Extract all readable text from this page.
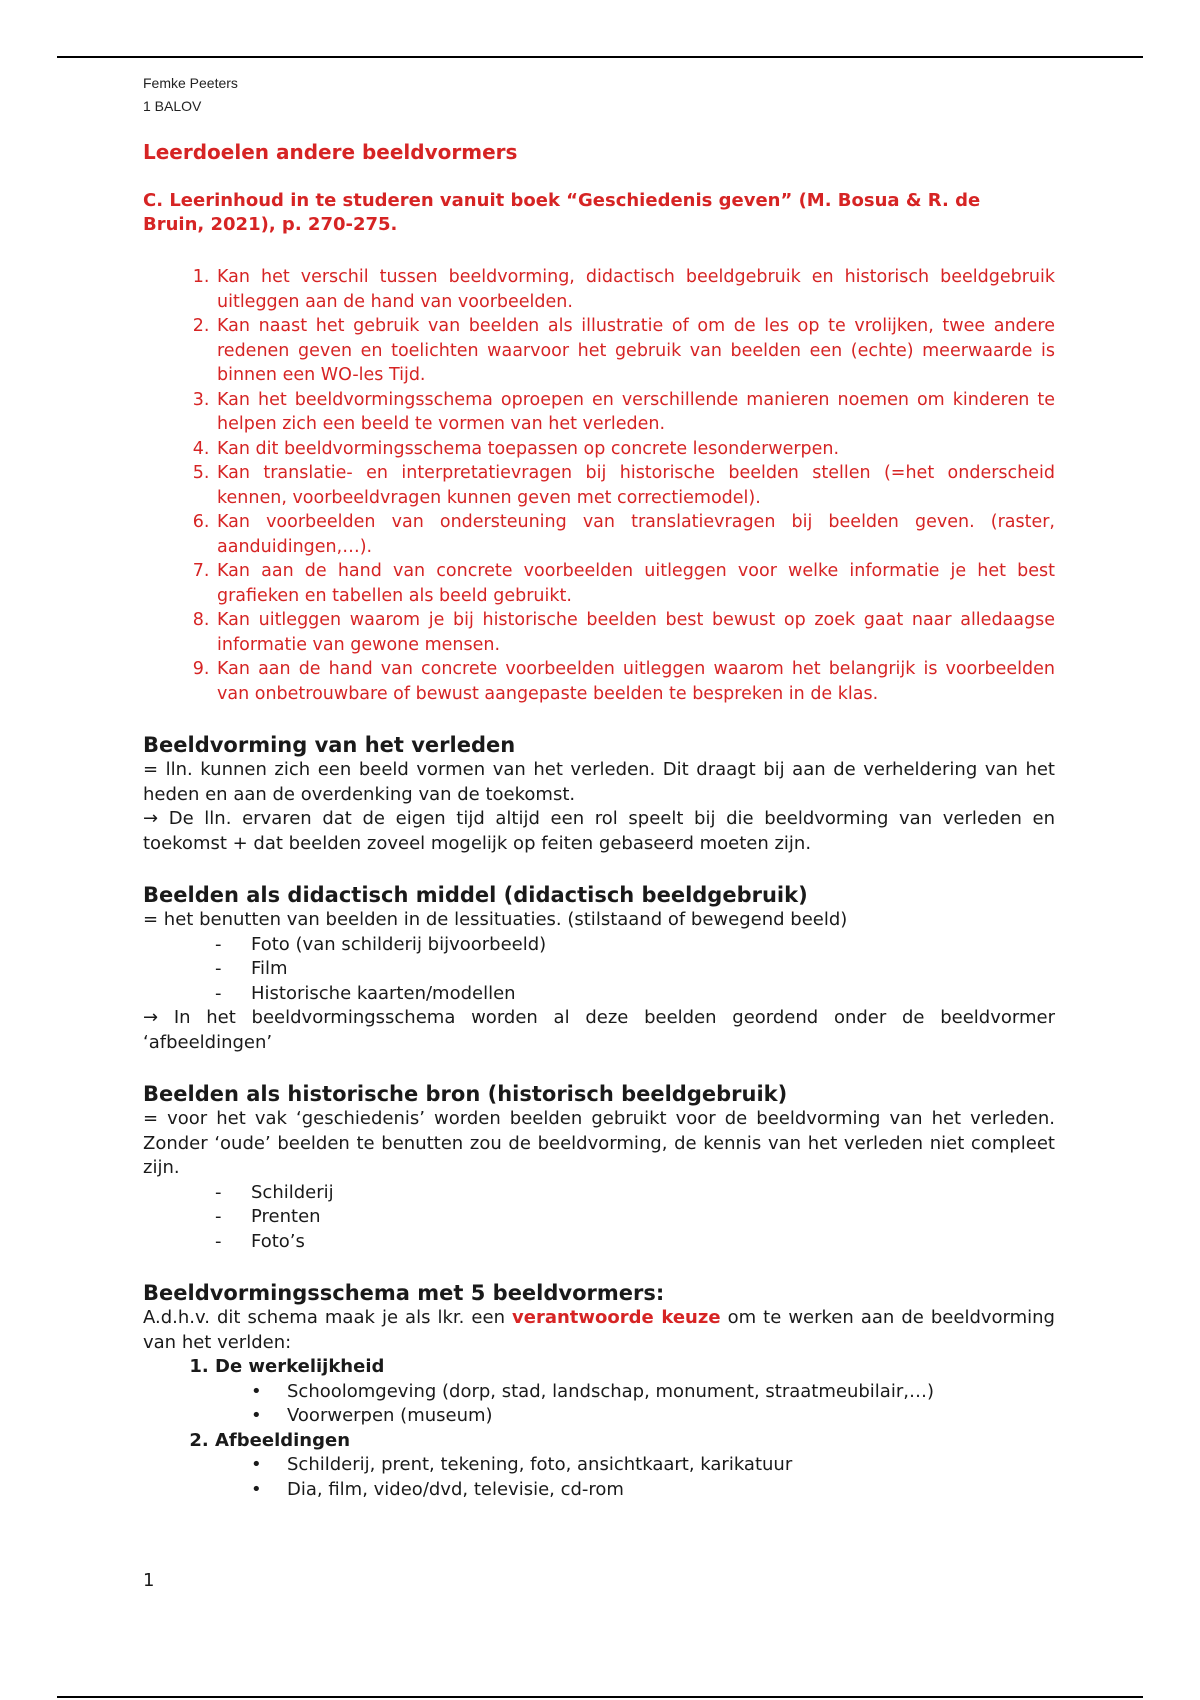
Femke Peeters
1 BALOV
Leerdoelen andere beeldvormers
C. Leerinhoud in te studeren vanuit boek “Geschiedenis geven” (M. Bosua & R. de
Bruin, 2021), p. 270-275.
1. Kan het verschil tussen beeldvorming, didactisch beeldgebruik en historisch beeldgebruik uitleggen aan de hand van voorbeelden.
2. Kan naast het gebruik van beelden als illustratie of om de les op te vrolijken, twee andere redenen geven en toelichten waarvoor het gebruik van beelden een (echte) meerwaarde is binnen een WO-les Tijd.
3. Kan het beeldvormingsschema oproepen en verschillende manieren noemen om kinderen te helpen zich een beeld te vormen van het verleden.
4. Kan dit beeldvormingsschema toepassen op concrete lesonderwerpen.
5. Kan translatie- en interpretatievragen bij historische beelden stellen (=het onderscheid kennen, voorbeeldvragen kunnen geven met correctiemodel).
6. Kan voorbeelden van ondersteuning van translatievragen bij beelden geven. (raster, aanduidingen,…).
7. Kan aan de hand van concrete voorbeelden uitleggen voor welke informatie je het best grafieken en tabellen als beeld gebruikt.
8. Kan uitleggen waarom je bij historische beelden best bewust op zoek gaat naar alledaagse informatie van gewone mensen.
9. Kan aan de hand van concrete voorbeelden uitleggen waarom het belangrijk is voorbeelden van onbetrouwbare of bewust aangepaste beelden te bespreken in de klas.
Beeldvorming van het verleden
= lln. kunnen zich een beeld vormen van het verleden. Dit draagt bij aan de verheldering van het heden en aan de overdenking van de toekomst.
→ De lln. ervaren dat de eigen tijd altijd een rol speelt bij die beeldvorming van verleden en toekomst + dat beelden zoveel mogelijk op feiten gebaseerd moeten zijn.
Beelden als didactisch middel (didactisch beeldgebruik)
= het benutten van beelden in de lessituaties. (stilstaand of bewegend beeld)
- Foto (van schilderij bijvoorbeeld)
- Film
- Historische kaarten/modellen
→ In het beeldvormingsschema worden al deze beelden geordend onder de beeldvormer ‘afbeeldingen’
Beelden als historische bron (historisch beeldgebruik)
= voor het vak ‘geschiedenis’ worden beelden gebruikt voor de beeldvorming van het verleden. Zonder ‘oude’ beelden te benutten zou de beeldvorming, de kennis van het verleden niet compleet zijn.
- Schilderij
- Prenten
- Foto’s
Beeldvormingsschema met 5 beeldvormers:
A.d.h.v. dit schema maak je als lkr. een verantwoorde keuze om te werken aan de beeldvorming van het verlden:
1. De werkelijkheid
• Schoolomgeving (dorp, stad, landschap, monument, straatmeubilair,…)
• Voorwerpen (museum)
2. Afbeeldingen
• Schilderij, prent, tekening, foto, ansichtkaart, karikatuur
• Dia, film, video/dvd, televisie, cd-rom
1
